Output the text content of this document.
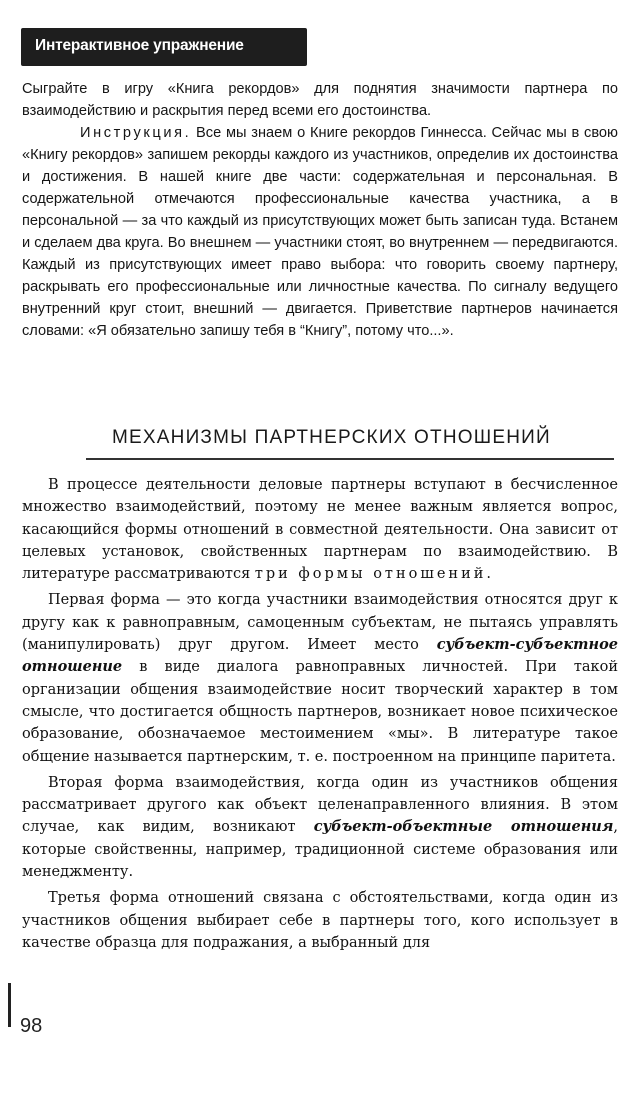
Интерактивное упражнение

Сыграйте в игру «Книга рекордов» для поднятия значимости партнера по взаимодействию и раскрытия перед всеми его достоинства.

Инструкция. Все мы знаем о Книге рекордов Гиннесса. Сейчас мы в свою «Книгу рекордов» запишем рекорды каждого из участников, определив их достоинства и достижения. В нашей книге две части: содержательная и персональная. В содержательной отмечаются профессиональные качества участника, а в персональной — за что каждый из присутствующих может быть записан туда. Встанем и сделаем два круга. Во внешнем — участники стоят, во внутреннем — передвигаются. Каждый из присутствующих имеет право выбора: что говорить своему партнеру, раскрывать его профессиональные или личностные качества. По сигналу ведущего внутренний круг стоит, внешний — двигается. Приветствие партнеров начинается словами: «Я обязательно запишу тебя в “Книгу”, потому что...».

МЕХАНИЗМЫ ПАРТНЕРСКИХ ОТНОШЕНИЙ

В процессе деятельности деловые партнеры вступают в бесчисленное множество взаимодействий, поэтому не менее важным является вопрос, касающийся формы отношений в совместной деятельности. Она зависит от целевых установок, свойственных партнерам по взаимодействию. В литературе рассматриваются три формы отношений.

Первая форма — это когда участники взаимодействия относятся друг к другу как к равноправным, самоценным субъектам, не пытаясь управлять (манипулировать) друг другом. Имеет место субъект-субъектное отношение в виде диалога равноправных личностей. При такой организации общения взаимодействие носит творческий характер в том смысле, что достигается общность партнеров, возникает новое психическое образование, обозначаемое местоимением «мы». В литературе такое общение называется партнерским, т. е. построенном на принципе паритета.

Вторая форма взаимодействия, когда один из участников общения рассматривает другого как объект целенаправленного влияния. В этом случае, как видим, возникают субъект-объектные отношения, которые свойственны, например, традиционной системе образования или менеджменту.

Третья форма отношений связана с обстоятельствами, когда один из участников общения выбирает себе в партнеры того, кого использует в качестве образца для подражания, а выбранный для

98
